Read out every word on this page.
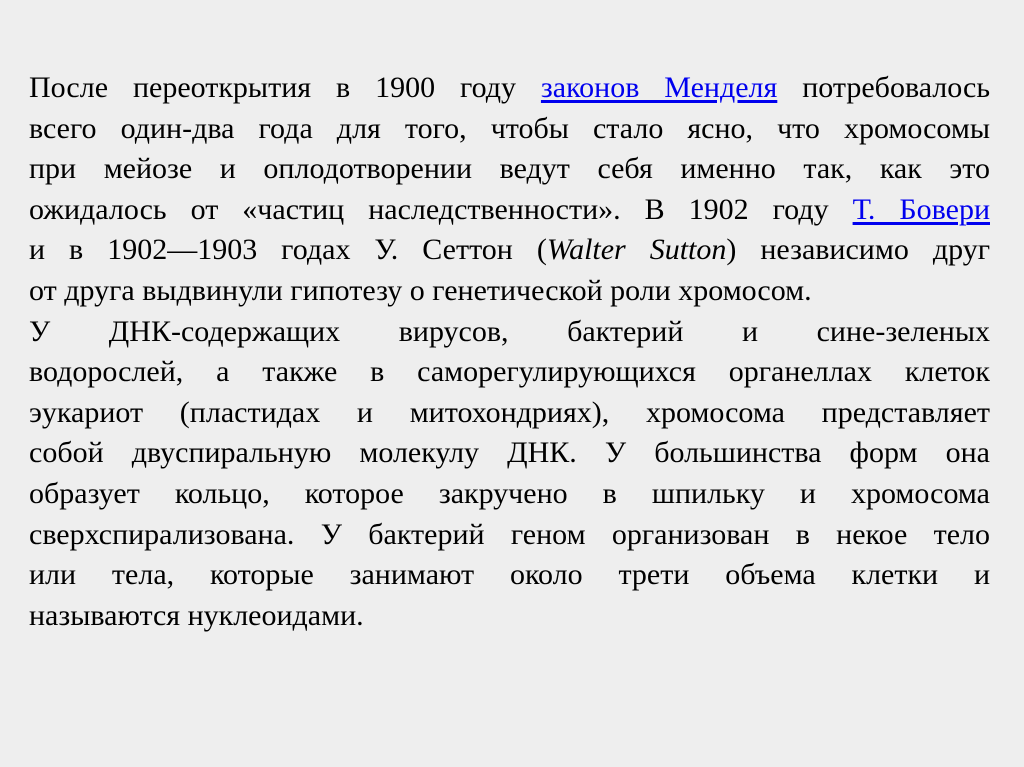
После переоткрытия в 1900 году законов Менделя потребовалось
всего один-два года для того, чтобы стало ясно, что хромосомы
при мейозе и оплодотворении ведут себя именно так, как это
ожидалось от «частиц наследственности». В 1902 году Т. Бовери
и в 1902—1903 годах У. Сеттон (Walter Sutton) независимо друг
от друга выдвинули гипотезу о генетической роли хромосом.
У ДНК-содержащих вирусов, бактерий и сине-зеленых
водорослей, а также в саморегулирующихся органеллах клеток
эукариот (пластидах и митохондриях), хромосома представляет
собой двуспиральную молекулу ДНК. У большинства форм она
образует кольцо, которое закручено в шпильку и хромосома
сверхспирализована. У бактерий геном организован в некое тело
или тела, которые занимают около трети объема клетки и
называются нуклеоидами.
